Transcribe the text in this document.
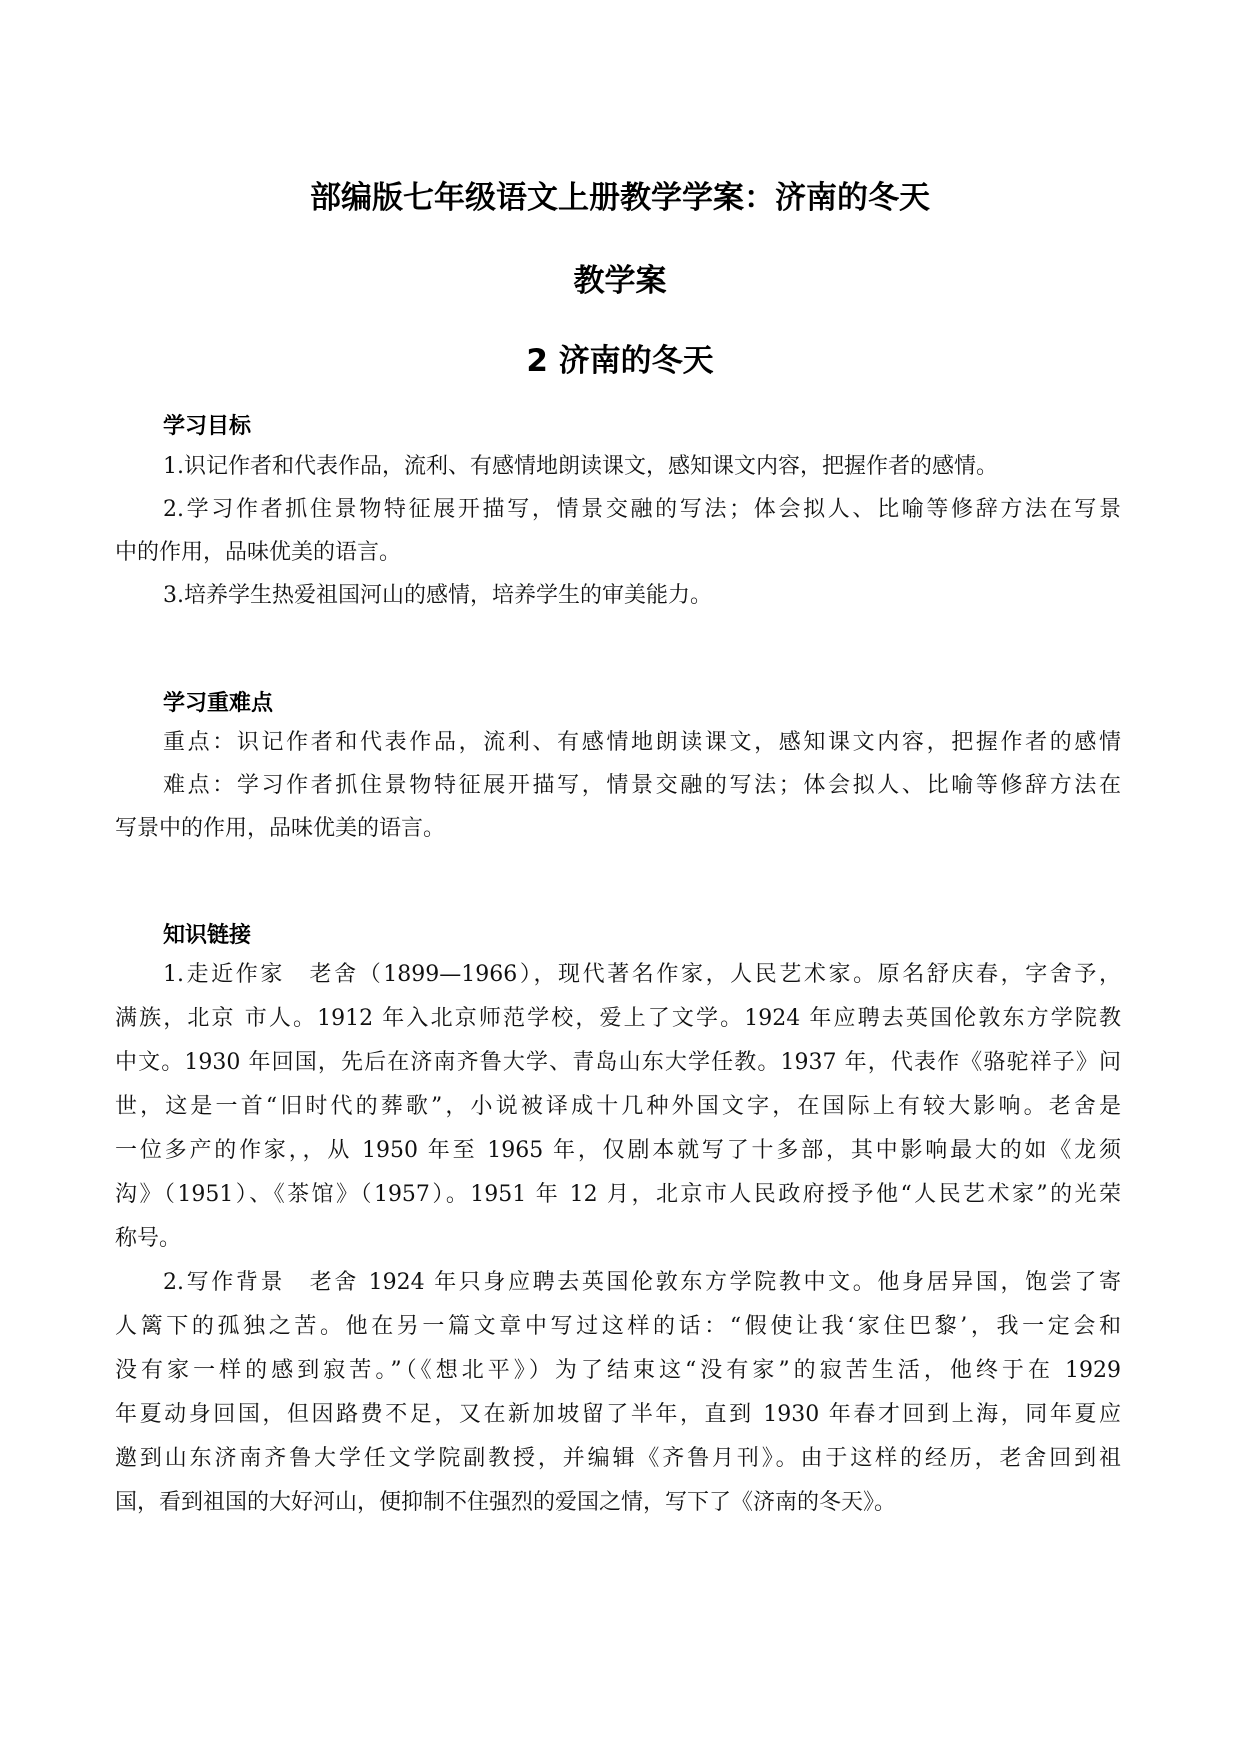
部编版七年级语文上册教学学案：济南的冬天
教学案
2 济南的冬天
学习目标
1.识记作者和代表作品，流利、有感情地朗读课文，感知课文内容，把握作者的感情。
2.学习作者抓住景物特征展开描写，情景交融的写法；体会拟人、比喻等修辞方法在写景
中的作用，品味优美的语言。
3.培养学生热爱祖国河山的感情，培养学生的审美能力。
学习重难点
重点：识记作者和代表作品，流利、有感情地朗读课文，感知课文内容，把握作者的感情
难点：学习作者抓住景物特征展开描写，情景交融的写法；体会拟人、比喻等修辞方法在
写景中的作用，品味优美的语言。
知识链接
1.走近作家　老舍（1899—1966），现代著名作家，人民艺术家。原名舒庆春，字舍予，
满族，北京 市人。1912 年入北京师范学校，爱上了文学。1924 年应聘去英国伦敦东方学院教
中文。1930 年回国，先后在济南齐鲁大学、青岛山东大学任教。1937 年，代表作《骆驼祥子》问
世，这是一首“旧时代的葬歌”，小说被译成十几种外国文字，在国际上有较大影响。老舍是
一位多产的作家，，从 1950 年至 1965 年，仅剧本就写了十多部，其中影响最大的如《龙须
沟》（1951）、《茶馆》（1957）。1951 年 12 月，北京市人民政府授予他“人民艺术家”的光荣
称号。
2.写作背景　老舍 1924 年只身应聘去英国伦敦东方学院教中文。他身居异国，饱尝了寄
人篱下的孤独之苦。他在另一篇文章中写过这样的话：“假使让我‘家住巴黎’，我一定会和
没有家一样的感到寂苦。”（《想北平》）为了结束这“没有家”的寂苦生活，他终于在 1929
年夏动身回国，但因路费不足，又在新加坡留了半年，直到 1930 年春才回到上海，同年夏应
邀到山东济南齐鲁大学任文学院副教授，并编辑《齐鲁月刊》。由于这样的经历，老舍回到祖
国，看到祖国的大好河山，便抑制不住强烈的爱国之情，写下了《济南的冬天》。
